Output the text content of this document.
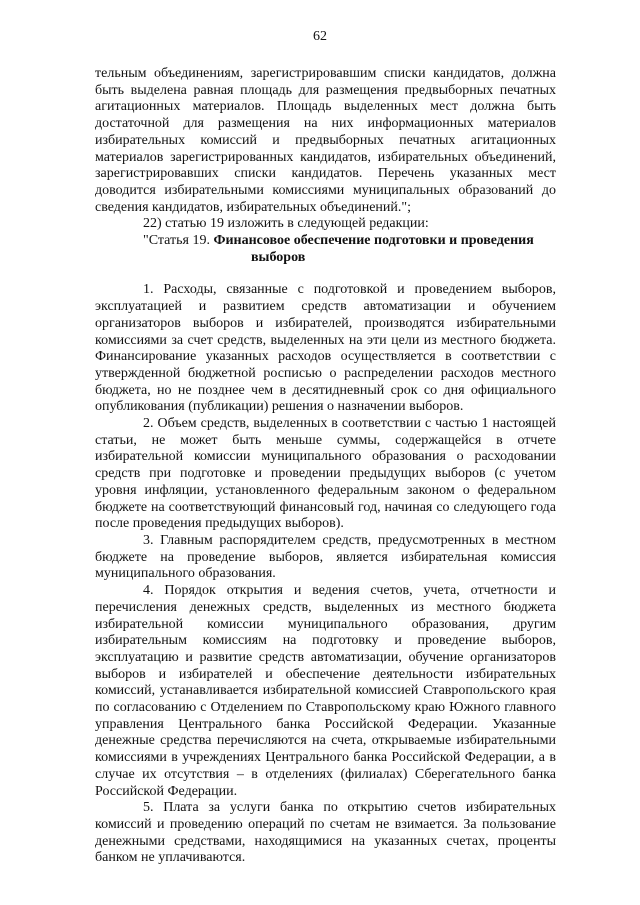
62

тельным объединениям, зарегистрировавшим списки кандидатов, должна быть выделена равная площадь для размещения предвыборных печатных агитационных материалов. Площадь выделенных мест должна быть достаточной для размещения на них информационных материалов избирательных комиссий и предвыборных печатных агитационных материалов зарегистрированных кандидатов, избирательных объединений, зарегистрировавших списки кандидатов. Перечень указанных мест доводится избирательными комиссиями муниципальных образований до сведения кандидатов, избирательных объединений.";

22) статью 19 изложить в следующей редакции:

"Статья 19. Финансовое обеспечение подготовки и проведения
выборов

1. Расходы, связанные с подготовкой и проведением выборов, эксплуатацией и развитием средств автоматизации и обучением организаторов выборов и избирателей, производятся избирательными комиссиями за счет средств, выделенных на эти цели из местного бюджета. Финансирование указанных расходов осуществляется в соответствии с утвержденной бюджетной росписью о распределении расходов местного бюджета, но не позднее чем в десятидневный срок со дня официального опубликования (публикации) решения о назначении выборов.

2. Объем средств, выделенных в соответствии с частью 1 настоящей статьи, не может быть меньше суммы, содержащейся в отчете избирательной комиссии муниципального образования о расходовании средств при подготовке и проведении предыдущих выборов (с учетом уровня инфляции, установленного федеральным законом о федеральном бюджете на соответствующий финансовый год, начиная со следующего года после проведения предыдущих выборов).

3. Главным распорядителем средств, предусмотренных в местном бюджете на проведение выборов, является избирательная комиссия муниципального образования.

4. Порядок открытия и ведения счетов, учета, отчетности и перечисления денежных средств, выделенных из местного бюджета избирательной комиссии муниципального образования, другим избирательным комиссиям на подготовку и проведение выборов, эксплуатацию и развитие средств автоматизации, обучение организаторов выборов и избирателей и обеспечение деятельности избирательных комиссий, устанавливается избирательной комиссией Ставропольского края по согласованию с Отделением по Ставропольскому краю Южного главного управления Центрального банка Российской Федерации. Указанные денежные средства перечисляются на счета, открываемые избирательными комиссиями в учреждениях Центрального банка Российской Федерации, а в случае их отсутствия – в отделениях (филиалах) Сберегательного банка Российской Федерации.

5. Плата за услуги банка по открытию счетов избирательных комиссий и проведению операций по счетам не взимается. За пользование денежными средствами, находящимися на указанных счетах, проценты банком не уплачиваются.
